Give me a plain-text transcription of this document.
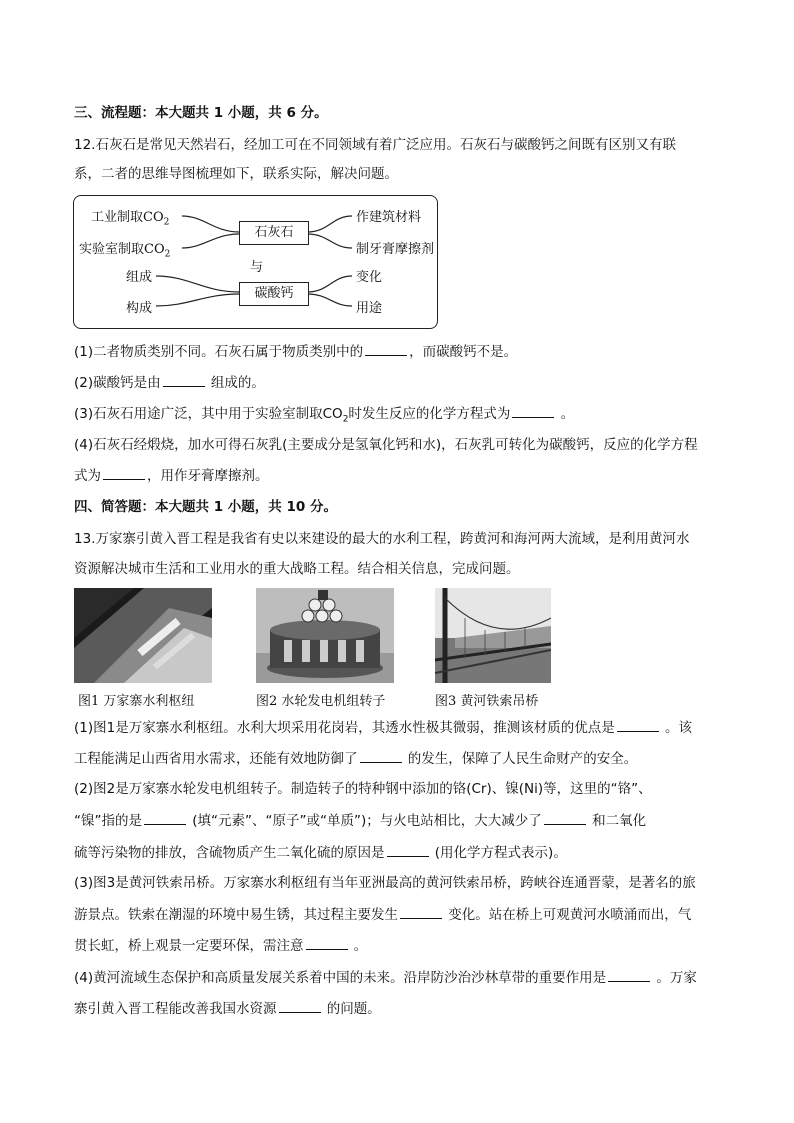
三、流程题：本大题共 1 小题，共 6 分。
12.石灰石是常见天然岩石，经加工可在不同领域有着广泛应用。石灰石与碳酸钙之间既有区别又有联
系，二者的思维导图梳理如下，联系实际，解决问题。
工业制取$CO_2$
实验室制取$CO_2$
组成
构成
石灰石
与
碳酸钙
作建筑材料
制牙膏摩擦剂
变化
用途
(1)二者物质类别不同。石灰石属于物质类别中的	，而碳酸钙不是。
(2)碳酸钙是由	组成的。
(3)石灰石用途广泛，其中用于实验室制取$CO_2$时发生反应的化学方程式为	。
(4)石灰石经煅烧，加水可得石灰乳(主要成分是氢氧化钙和水)，石灰乳可转化为碳酸钙，反应的化学方程
式为	，用作牙膏摩擦剂。
四、简答题：本大题共 1 小题，共 10 分。
13.万家寨引黄入晋工程是我省有史以来建设的最大的水利工程，跨黄河和海河两大流域，是利用黄河水
资源解决城市生活和工业用水的重大战略工程。结合相关信息，完成问题。
图1 万家寨水利枢纽	图2 水轮发电机组转子	图3 黄河铁索吊桥
(1)图1是万家寨水利枢纽。水利大坝采用花岗岩，其透水性极其微弱，推测该材质的优点是	。该
工程能满足山西省用水需求，还能有效地防御了	的发生，保障了人民生命财产的安全。
(2)图2是万家寨水轮发电机组转子。制造转子的特种钢中添加的铬(Cr)、镍(Ni)等，这里的“铬”、
“镍”指的是	(填“元素”、“原子”或“单质”)；与火电站相比，大大减少了	和二氧化
硫等污染物的排放，含硫物质产生二氧化硫的原因是	(用化学方程式表示)。
(3)图3是黄河铁索吊桥。万家寨水利枢纽有当年亚洲最高的黄河铁索吊桥，跨峡谷连通晋蒙，是著名的旅
游景点。铁索在潮湿的环境中易生锈，其过程主要发生	变化。站在桥上可观黄河水喷涌而出，气
贯长虹，桥上观景一定要环保，需注意	。
(4)黄河流域生态保护和高质量发展关系着中国的未来。沿岸防沙治沙林草带的重要作用是	。万家
寨引黄入晋工程能改善我国水资源	的问题。
